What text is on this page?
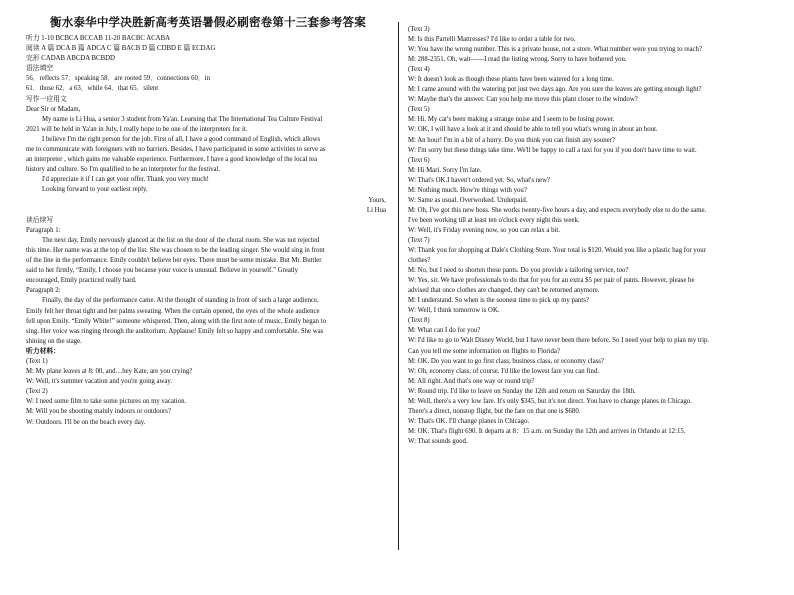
衡水泰华中学决胜新高考英语暑假必刷密卷第十三套参考答案
听力 1-10 BCBCA BCCAB 11-20 BACBC ACABA
阅读 A 篇 DCA B 篇 ADCA C 篇 BACB D 篇 CDBD E 篇 ECDAG
完形 CADAB ABCDA BCBDD
语法填空
56．reflects 57．speaking 58．are rooted 59．connections 60．in
61．those 62．a 63．while 64．that 65．silent
写作一应用文
Dear Sir or Madam,
My name is Li Hua, a senior 3 student from Ya'an. Learning that The International Tea Culture Festival
2021 will be held in Ya'an in July, I really hope to be one of the interpreters for it.
I believe I'm the right person for the job. First of all, I have a good command of English, which allows
me to communicate with foreigners with no barriers. Besides, I have participated in some activities to serve as
an interpreter , which gains me valuable experience. Furthermore, I have a good knowledge of the local tea
history and culture. So I'm qualified to be an interpreter for the festival.
I'd appreciate it if I can get your offer. Thank you very much!
Looking forward to your earliest reply.
Yours,
Li Hua
读后续写
Paragraph 1:
The next day, Emily nervously glanced at the list on the door of the choral room. She was not rejected
this time. Her name was at the top of the list. She was chosen to be the leading singer. She would sing in front
of the line in the performance. Emily couldn't believe her eyes. There must be some mistake. But Mr. Buttler
said to her firmly, “Emily, I choose you because your voice is unusual. Believe in yourself.” Greatly
encouraged, Emily practiced really hard.
Paragraph 2:
Finally, the day of the performance came. At the thought of standing in front of such a large audience,
Emily felt her throat tight and her palms sweating. When the curtain opened, the eyes of the whole audience
fell upon Emily. “Emily White!” someone whispered. Then, along with the first note of music, Emily began to
sing. Her voice was ringing through the auditorium. Applause! Emily felt so happy and comfortable. She was
shining on the stage.
听力材料：
(Text 1)
M: My plane leaves at 8: 00, and…hey Kate, are you crying?
W: Well, it's summer vacation and you're going away.
(Text 2)
W: I need some film to take some pictures on my vacation.
M: Will you be shooting mainly indoors or outdoors?
W: Outdoors. I'll be on the beach every day.
(Text 3)
M: Is this Partelli Mattresses? I'd like to order a table for two.
W: You have the wrong number. This is a private house, not a store. What number were you trying to reach?
M: 288-2351. Oh, wait——I read the listing wrong. Sorry to have bothered you.
(Text 4)
W: It doesn't look as though these plants have been watered for a long time.
M: I came around with the watering pot just two days ago. Are you sure the leaves are getting enough light?
W: Maybe that's the answer. Can you help me move this plant closer to the window?
(Text 5)
M: Hi. My car's been making a strange noise and I seem to be losing power.
W: OK, I will have a look at it and should be able to tell you what's wrong in about an hour.
M: An hour! I'm in a bit of a hurry. Do you think you can finish any sooner?
W: I'm sorry but these things take time. We'll be happy to call a taxi for you if you don't have time to wait.
(Text 6)
M: Hi Mari. Sorry I'm late.
W: That's OK.I haven't ordered yet. So, what's new?
M: Nothing much. How're things with you?
W: Same as usual. Overworked. Underpaid.
M: Oh, I've got this new boss. She works twenty-five hours a day, and expects everybody else to do the same.
I've been working till at least ten o'clock every night this week.
W: Well, it's Friday evening now, so you can relax a bit.
(Text 7)
W: Thank you for shopping at Dale's Clothing Store. Your total is $120. Would you like a plastic bag for your
clothes?
M: No, but I need to shorten these pants. Do you provide a tailoring service, too?
W: Yes, sir. We have professionals to do that for you for an extra $5 per pair of pants. However, please be
advised that once clothes are changed, they can't be returned anymore.
M: I understand. So when is the soonest time to pick up my pants?
W: Well, I think tomorrow is OK.
(Text 8)
M: What can I do for you?
W: I'd like to go to Walt Disney World, but I have never been there before. So I need your help to plan my trip.
Can you tell me some information on flights to Florida?
M: OK. Do you want to go first class, business class, or economy class?
W: Oh, economy class, of course. I'd like the lowest fare you can find.
M: All right. And that's one way or round trip?
W: Round trip. I'd like to leave on Sunday the 12th and return on Saturday the 18th.
M: Well, there's a very low fare. It's only $345, but it's not direct. You have to change planes in Chicago.
There's a direct, nonstop flight, but the fare on that one is $680.
W: That's OK. I'll change planes in Chicago.
M: OK. That's flight 690. It departs at 8：15 a.m. on Sunday the 12th and arrives in Orlando at 12:15.
W: That sounds good.
